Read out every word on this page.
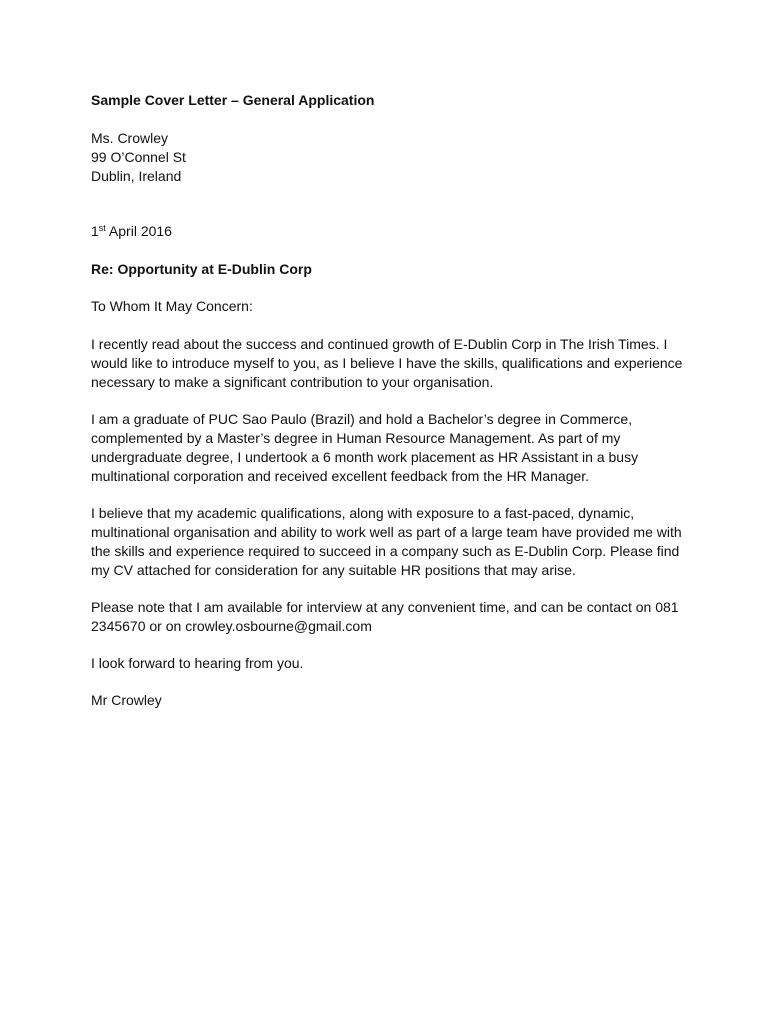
Sample Cover Letter – General Application

Ms. Crowley
99 O’Connel St
Dublin, Ireland

1st April 2016

Re: Opportunity at E-Dublin Corp

To Whom It May Concern:

I recently read about the success and continued growth of E-Dublin Corp in The Irish Times. I would like to introduce myself to you, as I believe I have the skills, qualifications and experience necessary to make a significant contribution to your organisation.

I am a graduate of PUC Sao Paulo (Brazil) and hold a Bachelor’s degree in Commerce, complemented by a Master’s degree in Human Resource Management. As part of my undergraduate degree, I undertook a 6 month work placement as HR Assistant in a busy multinational corporation and received excellent feedback from the HR Manager.

I believe that my academic qualifications, along with exposure to a fast-paced, dynamic, multinational organisation and ability to work well as part of a large team have provided me with the skills and experience required to succeed in a company such as E-Dublin Corp. Please find my CV attached for consideration for any suitable HR positions that may arise.

Please note that I am available for interview at any convenient time, and can be contact on 081 2345670 or on crowley.osbourne@gmail.com

I look forward to hearing from you.

Mr Crowley
